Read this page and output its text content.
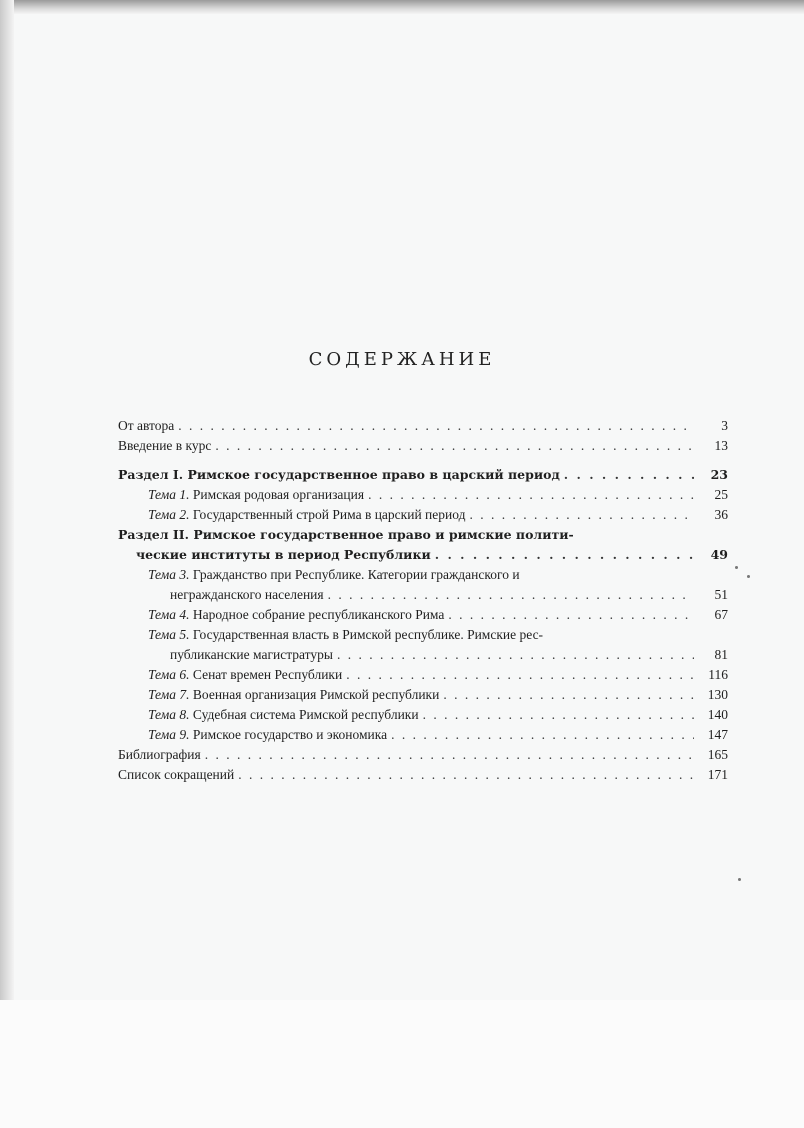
СОДЕРЖАНИЕ
От автора . . .	3
Введение в курс . . .	13
Раздел I. Римское государственное право в царский период . . .	23
Тема 1. Римская родовая организация . . .	25
Тема 2. Государственный строй Рима в царский период . . .	36
Раздел II. Римское государственное право и римские полити-
ческие институты в период Республики . . .	49
Тема 3. Гражданство при Республике. Категории гражданского и
негражданского населения . . .	51
Тема 4. Народное собрание республиканского Рима . . .	67
Тема 5. Государственная власть в Римской республике. Римские рес-
публиканские магистратуры . . .	81
Тема 6. Сенат времен Республики . . .	116
Тема 7. Военная организация Римской республики . . .	130
Тема 8. Судебная система Римской республики . . .	140
Тема 9. Римское государство и экономика . . .	147
Библиография . . .	165
Список сокращений . . .	171
